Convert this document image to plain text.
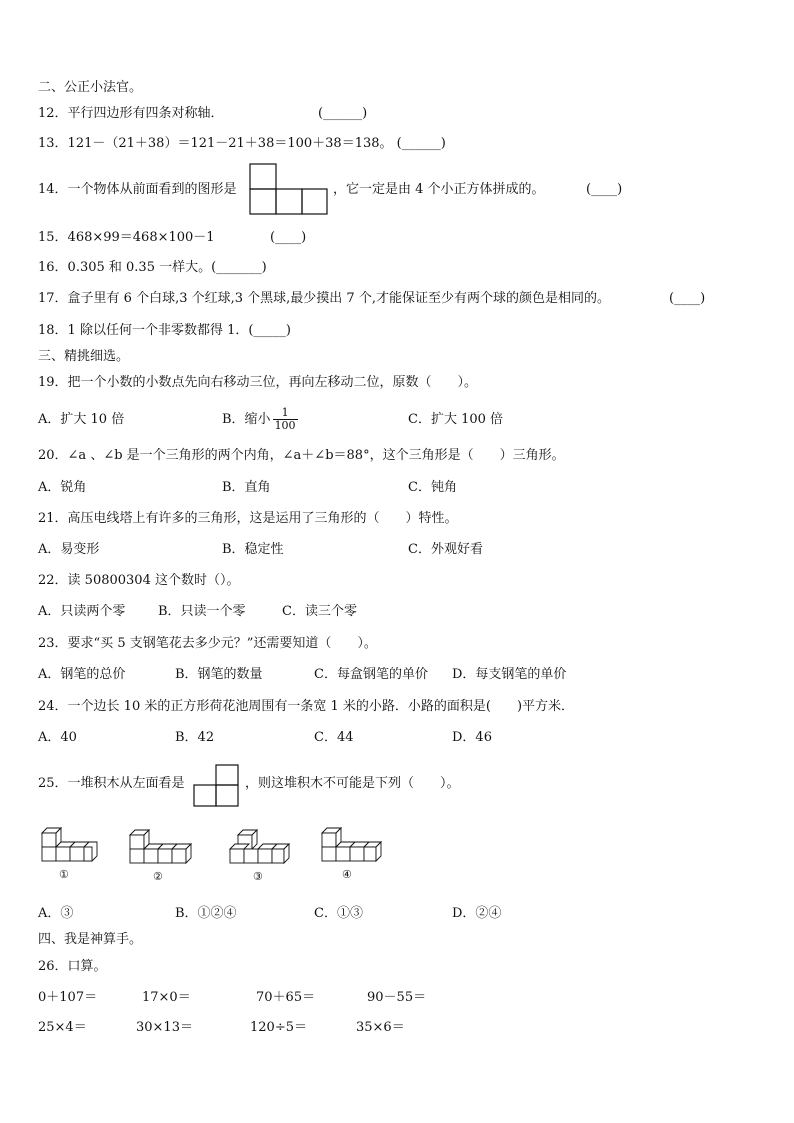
二、公正小法官。
12．平行四边形有四条对称轴．	(______)
13．121－（21＋38）＝121－21＋38＝100＋38＝138。 (______)
14．一个物体从前面看到的图形是	，它一定是由 4 个小正方体拼成的。	(____)
15．468×99＝468×100－1	(____)
16．0.305 和 0.35 一样大。(_______)
17．盒子里有 6 个白球,3 个红球,3 个黑球,最少摸出 7 个,才能保证至少有两个球的颜色是相同的。	(____)
18．1 除以任何一个非零数都得 1．(_____)
三、精挑细选。
19．把一个小数的小数点先向右移动三位，再向左移动二位，原数（　　）。
A．扩大 10 倍	B．缩小 $\frac{1}{100}$	C．扩大 100 倍
20．∠a 、∠b 是一个三角形的两个内角，∠a＋∠b＝88°，这个三角形是（　　）三角形。
A．锐角	B．直角	C．钝角
21．高压电线塔上有许多的三角形，这是运用了三角形的（　　）特性。
A．易变形	B．稳定性	C．外观好看
22．读 50800304 这个数时（）。
A．只读两个零	B．只读一个零	C．读三个零
23．要求“买 5 支钢笔花去多少元？”还需要知道（　　）。
A．钢笔的总价	B．钢笔的数量	C．每盒钢笔的单价 D．每支钢笔的单价
24．一个边长 10 米的正方形荷花池周围有一条宽 1 米的小路．小路的面积是(　　)平方米．
A．40	B．42	C．44	D．46
25．一堆积木从左面看是	，则这堆积木不可能是下列（　　）。
①	②	③	④
A．③	B．①②④	C．①③	D．②④
四、我是神算手。
26．口算。
0＋107＝	17×0＝	70＋65＝	90－55＝
25×4＝	30×13＝	120÷5＝	35×6＝
